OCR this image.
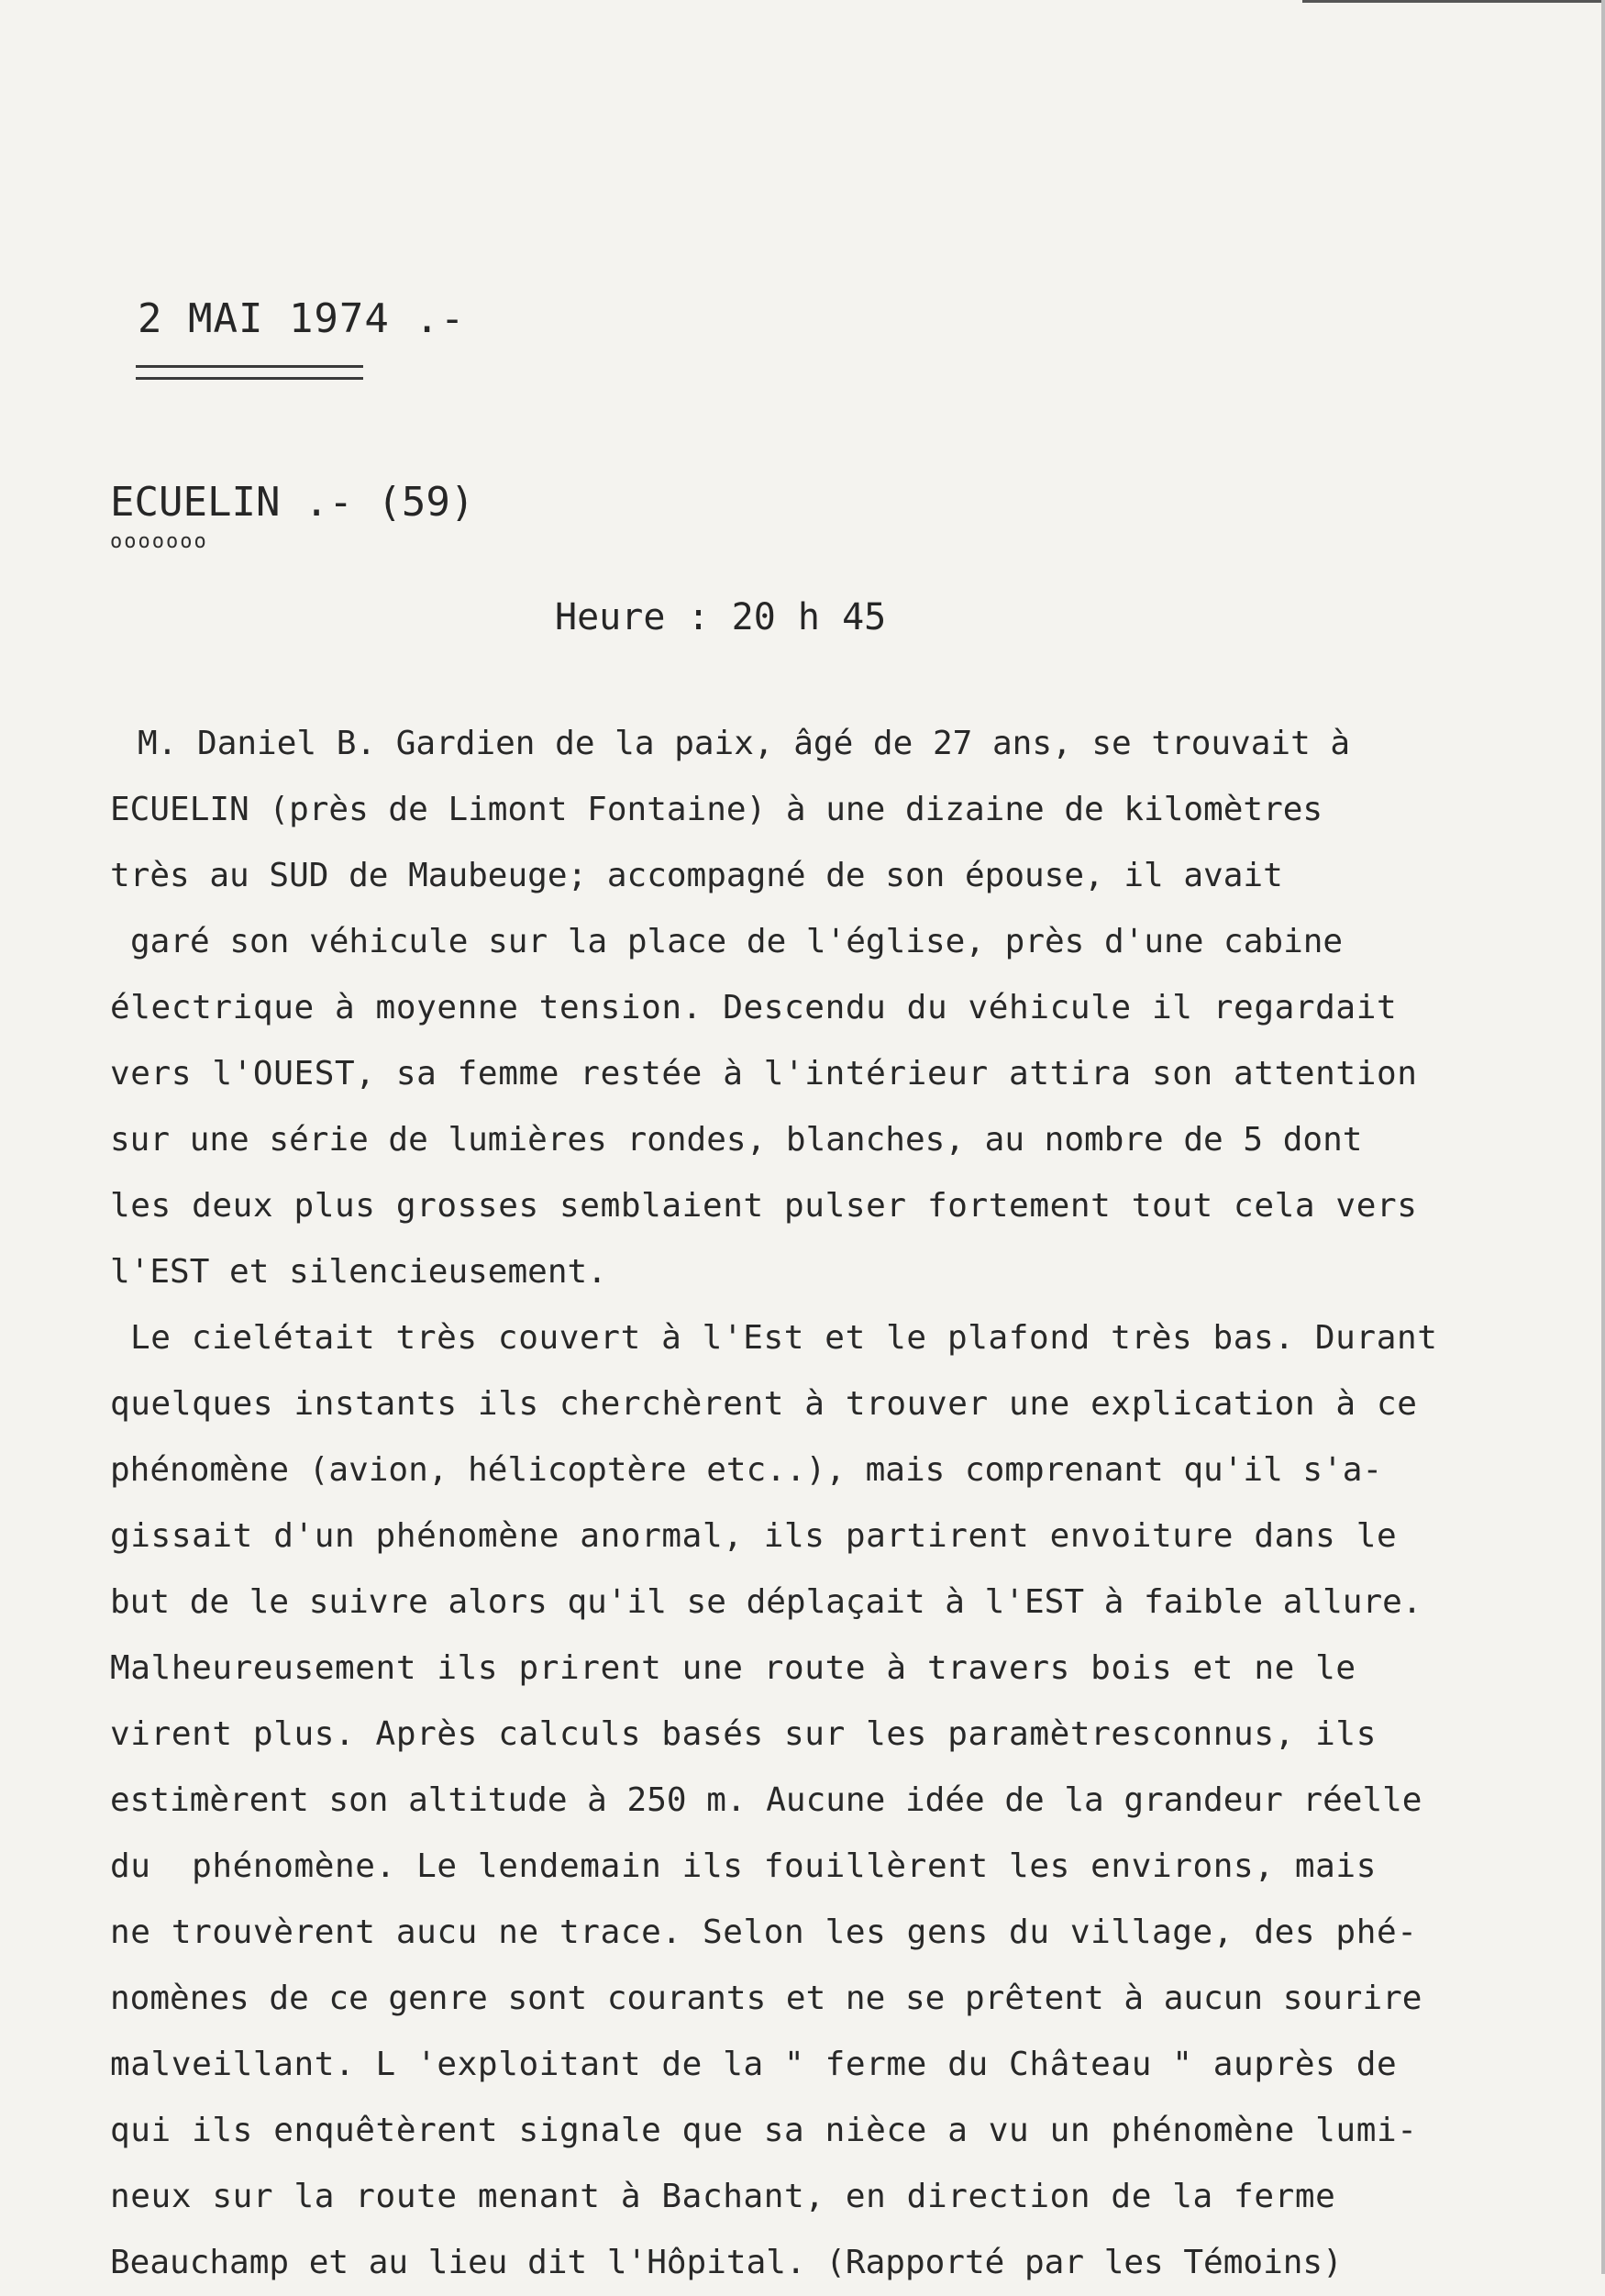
2 MAI 1974 .-
ECUELIN .- (59)
ooooooo
Heure : 20 h 45
M. Daniel B. Gardien de la paix, âgé de 27 ans, se trouvait à
ECUELIN (près de Limont Fontaine) à une dizaine de kilomètres
très au SUD de Maubeuge; accompagné de son épouse, il avait
garé son véhicule sur la place de l'église, près d'une cabine
électrique à moyenne tension. Descendu du véhicule il regardait
vers l'OUEST, sa femme restée à l'intérieur attira son attention
sur une série de lumières rondes, blanches, au nombre de 5 dont
les deux plus grosses semblaient pulser fortement tout cela vers
l'EST et silencieusement.
Le cielétait très couvert à l'Est et le plafond très bas. Durant
quelques instants ils cherchèrent à trouver une explication à ce
phénomène (avion, hélicoptère etc..), mais comprenant qu'il s'a-
gissait d'un phénomène anormal, ils partirent envoiture dans le
but de le suivre alors qu'il se déplaçait à l'EST à faible allure.
Malheureusement ils prirent une route à travers bois et ne le
virent plus. Après calculs basés sur les paramètresconnus, ils
estimèrent son altitude à 250 m. Aucune idée de la grandeur réelle
du  phénomène. Le lendemain ils fouillèrent les environs, mais
ne trouvèrent aucu ne trace. Selon les gens du village, des phé-
nomènes de ce genre sont courants et ne se prêtent à aucun sourire
malveillant. L 'exploitant de la " ferme du Château " auprès de
qui ils enquêtèrent signale que sa nièce a vu un phénomène lumi-
neux sur la route menant à Bachant, en direction de la ferme
Beauchamp et au lieu dit l'Hôpital. (Rapporté par les Témoins)
